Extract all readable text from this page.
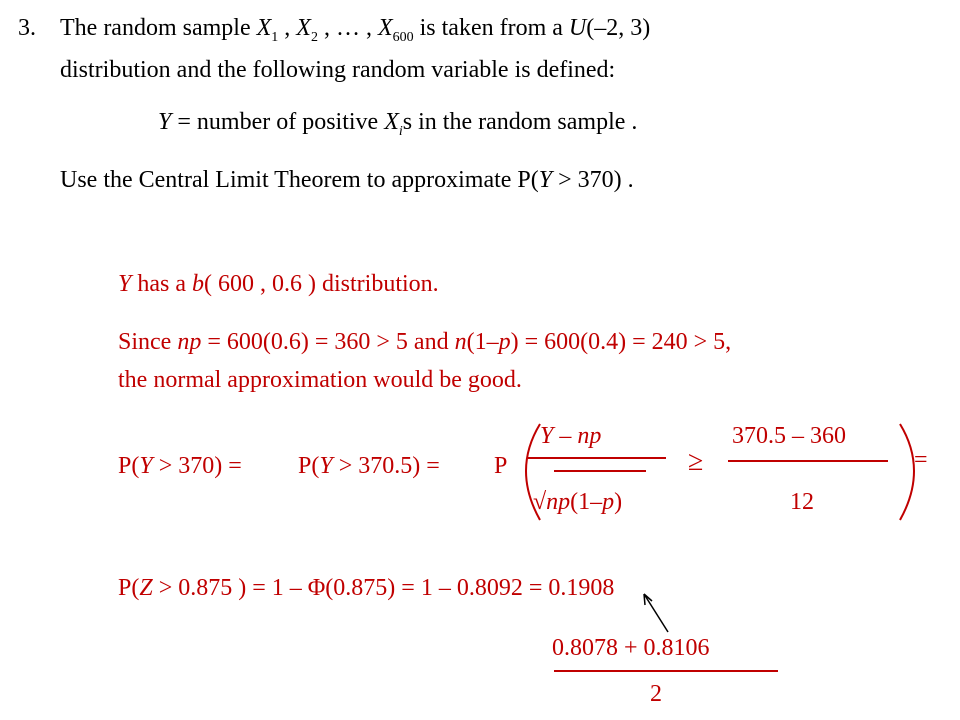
3. The random sample $X_1$ , $X_2$ , … , $X_{600}$ is taken from a U(–2, 3)
distribution and the following random variable is defined:
Y = number of positive $X_is$ in the random sample .
Use the Central Limit Theorem to approximate P(Y > 370) .
Y has a b( 600 , 0.6 ) distribution.
Since np = 600(0.6) = 360 > 5 and n(1–p) = 600(0.4) = 240 > 5,
the normal approximation would be good.
P(Y > 370) = P(Y > 370.5) = P
Y – np
√np(1–p)
≥
370.5 – 360
12
=
P(Z > 0.875 ) = 1 – Φ(0.875) = 1 – 0.8092 = 0.1908
0.8078 + 0.8106
2
